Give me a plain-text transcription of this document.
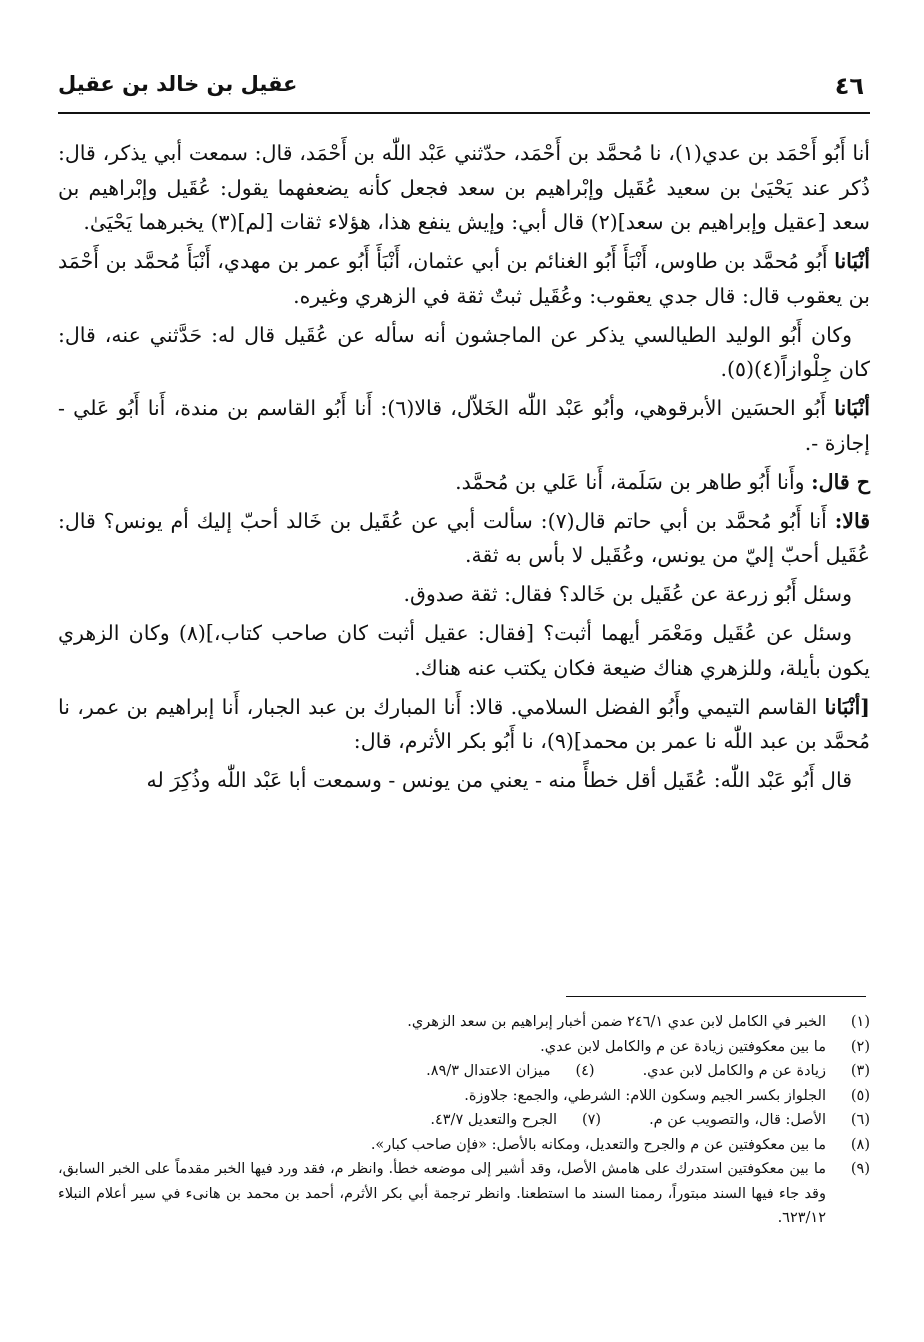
٤٦
عقيل بن خالد بن عقيل

أنا أَبُو أَحْمَد بن عدي(١)، نا مُحمَّد بن أَحْمَد، حدّثني عَبْد اللّٰه بن أَحْمَد، قال: سمعت أبي يذكر، قال: ذُكر عند يَحْيَىٰ بن سعيد عُقَيل وإبْراهيم بن سعد فجعل كأنه يضعفهما يقول: عُقَيل وإبْراهيم بن سعد [عقيل وإبراهيم بن سعد](٢) قال أبي: وإيش ينفع هذا، هؤلاء ثقات [لم](٣) يخبرهما يَحْيَىٰ.

أنْبَانا أَبُو مُحمَّد بن طاوس، أَنْبَأَ أَبُو الغنائم بن أبي عثمان، أَنْبَأَ أَبُو عمر بن مهدي، أَنْبَأَ مُحمَّد بن أَحْمَد بن يعقوب قال: قال جدي يعقوب: وعُقَيل ثبتٌ ثقة في الزهري وغيره.

وكان أَبُو الوليد الطيالسي يذكر عن الماجشون أنه سأله عن عُقَيل قال له: حَدَّثني عنه، قال: كان جِلْوازاً(٤)(٥).

أنْبَانا أَبُو الحسَين الأبرقوهي، وأبُو عَبْد اللّٰه الخَلاّل، قالا(٦): أَنا أَبُو القاسم بن مندة، أَنا أَبُو عَلي - إجازة -.

ح قال: وأَنا أَبُو طاهر بن سَلَمة، أَنا عَلي بن مُحمَّد.

قالا: أَنا أَبُو مُحمَّد بن أبي حاتم قال(٧): سألت أبي عن عُقَيل بن خَالد أحبّ إليك أم يونس؟ قال: عُقَيل أحبّ إليّ من يونس، وعُقَيل لا بأس به ثقة.

وسئل أَبُو زرعة عن عُقَيل بن خَالد؟ فقال: ثقة صدوق.

وسئل عن عُقَيل ومَعْمَر أيهما أثبت؟ [فقال: عقيل أثبت كان صاحب كتاب،](٨) وكان الزهري يكون بأيلة، وللزهري هناك ضيعة فكان يكتب عنه هناك.

[أنْبَانا القاسم التيمي وأَبُو الفضل السلامي. قالا: أَنا المبارك بن عبد الجبار، أَنا إبراهيم بن عمر، نا مُحمَّد بن عبد اللّٰه نا عمر بن محمد](٩)، نا أَبُو بكر الأثرم، قال:

قال أَبُو عَبْد اللّٰه: عُقَيل أقل خطأً منه - يعني من يونس - وسمعت أبا عَبْد اللّٰه وذُكِرَ له

(١)
الخبر في الكامل لابن عدي ٢٤٦/١ ضمن أخبار إبراهيم بن سعد الزهري.
(٢)
ما بين معكوفتين زيادة عن م والكامل لابن عدي.
(٣)
زيادة عن م والكامل لابن عدي.
(٤)
ميزان الاعتدال ٨٩/٣.
(٥)
الجلواز بكسر الجيم وسكون اللام: الشرطي، والجمع: جلاوزة.
(٦)
الأصل: قال، والتصويب عن م.
(٧)
الجرح والتعديل ٤٣/٧.
(٨)
ما بين معكوفتين عن م والجرح والتعديل، ومكانه بالأصل: «فإن صاحب كبار».
(٩)
ما بين معكوفتين استدرك على هامش الأصل، وقد أشير إلى موضعه خطأ. وانظر م، فقد ورد فيها الخبر مقدماً على الخبر السابق، وقد جاء فيها السند مبتوراً، رممنا السند ما استطعنا. وانظر ترجمة أبي بكر الأثرم، أحمد بن محمد بن هانىء في سير أعلام النبلاء ٦٢٣/١٢.
